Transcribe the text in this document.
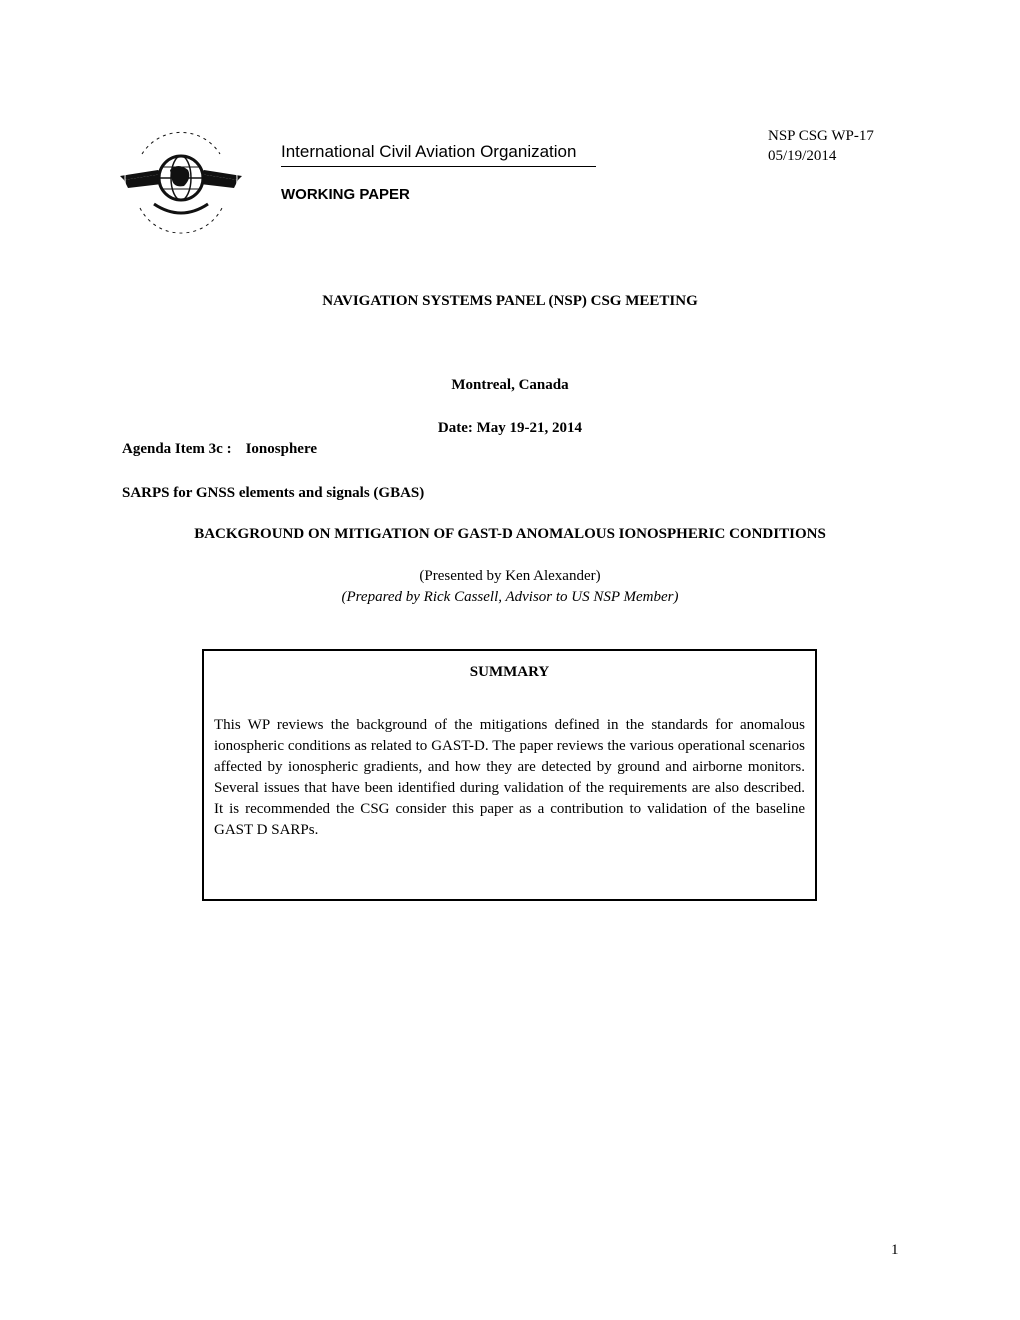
International Civil Aviation Organization
WORKING PAPER
NSP CSG WP-17
05/19/2014
NAVIGATION SYSTEMS PANEL (NSP) CSG MEETING
Montreal, Canada
Date: May 19-21, 2014
Agenda Item 3c : Ionosphere
SARPS for GNSS elements and signals (GBAS)
BACKGROUND ON MITIGATION OF GAST-D ANOMALOUS IONOSPHERIC CONDITIONS
(Presented by Ken Alexander)
(Prepared by Rick Cassell, Advisor to US NSP Member)
SUMMARY
This WP reviews the background of the mitigations defined in the standards for anomalous ionospheric conditions as related to GAST-D. The paper reviews the various operational scenarios affected by ionospheric gradients, and how they are detected by ground and airborne monitors. Several issues that have been identified during validation of the requirements are also described. It is recommended the CSG consider this paper as a contribution to validation of the baseline GAST D SARPs.
1
